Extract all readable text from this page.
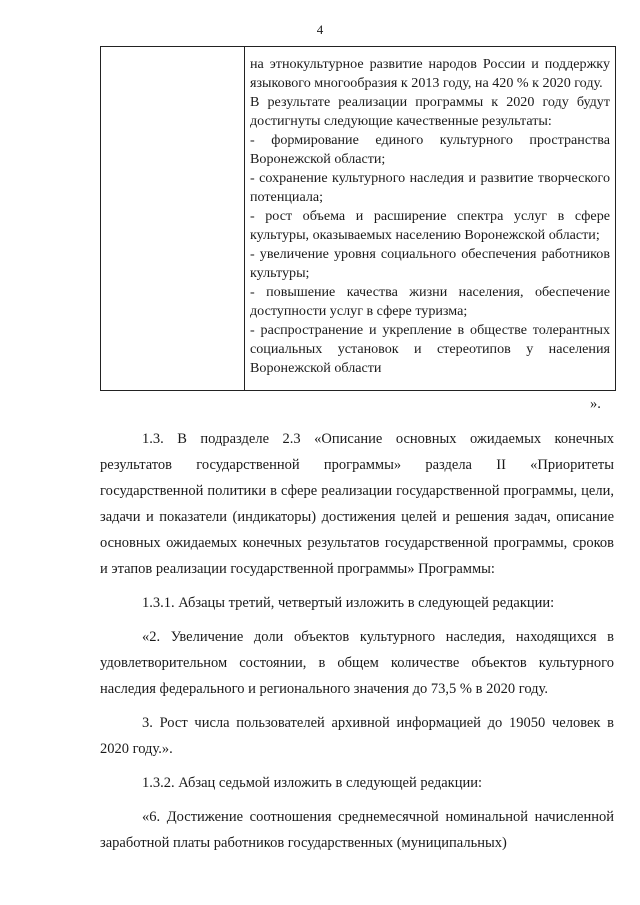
4

на этнокультурное развитие народов России и поддержку языкового многообразия к 2013 году, на 420 % к 2020 году.

В результате реализации программы к 2020 году будут достигнуты следующие качественные результаты:

- формирование единого культурного пространства Воронежской области;

- сохранение культурного наследия и развитие творческого потенциала;

- рост объема и расширение спектра услуг в сфере культуры, оказываемых населению Воронежской области;

- увеличение уровня социального обеспечения работников культуры;

- повышение качества жизни населения, обеспечение доступности услуг в сфере туризма;

- распространение и укрепление в обществе толерантных социальных установок и стереотипов у населения Воронежской области

».

1.3. В подразделе 2.3 «Описание основных ожидаемых конечных результатов государственной программы» раздела II «Приоритеты государственной политики в сфере реализации государственной программы, цели, задачи и показатели (индикаторы) достижения целей и решения задач, описание основных ожидаемых конечных результатов государственной программы, сроков и этапов реализации государственной программы» Программы:

1.3.1. Абзацы третий, четвертый изложить в следующей редакции:

«2. Увеличение доли объектов культурного наследия, находящихся в удовлетворительном состоянии, в общем количестве объектов культурного наследия федерального и регионального значения до 73,5 % в 2020 году.

3. Рост числа пользователей архивной информацией до 19050 человек в 2020 году.».

1.3.2. Абзац седьмой изложить в следующей редакции:

«6. Достижение соотношения среднемесячной номинальной начисленной заработной платы работников государственных (муниципальных)
